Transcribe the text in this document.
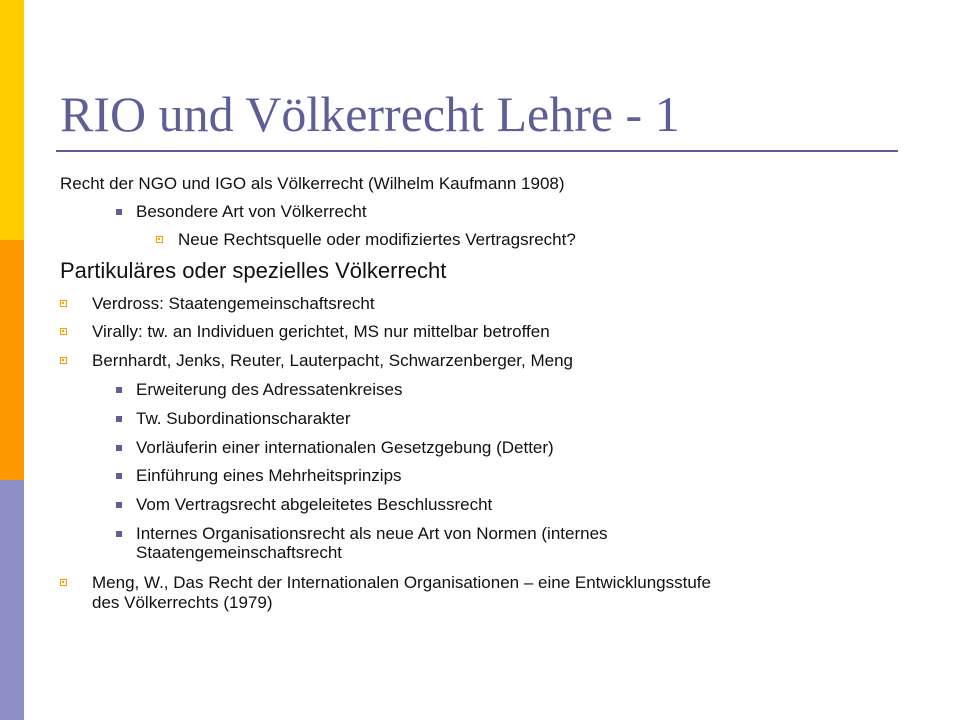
RIO und Völkerrecht Lehre - 1
Recht der NGO und IGO als Völkerrecht (Wilhelm Kaufmann 1908)
Besondere Art von Völkerrecht
Neue Rechtsquelle oder modifiziertes Vertragsrecht?
Partikuläres oder spezielles Völkerrecht
Verdross: Staatengemeinschaftsrecht
Virally: tw. an Individuen gerichtet, MS nur mittelbar betroffen
Bernhardt, Jenks, Reuter, Lauterpacht, Schwarzenberger, Meng
Erweiterung des Adressatenkreises
Tw. Subordinationscharakter
Vorläuferin einer internationalen Gesetzgebung (Detter)
Einführung eines Mehrheitsprinzips
Vom Vertragsrecht abgeleitetes Beschlussrecht
Internes Organisationsrecht als neue Art von Normen (internes
Staatengemeinschaftsrecht
Meng, W., Das Recht der Internationalen Organisationen – eine Entwicklungsstufe
des Völkerrechts (1979)
